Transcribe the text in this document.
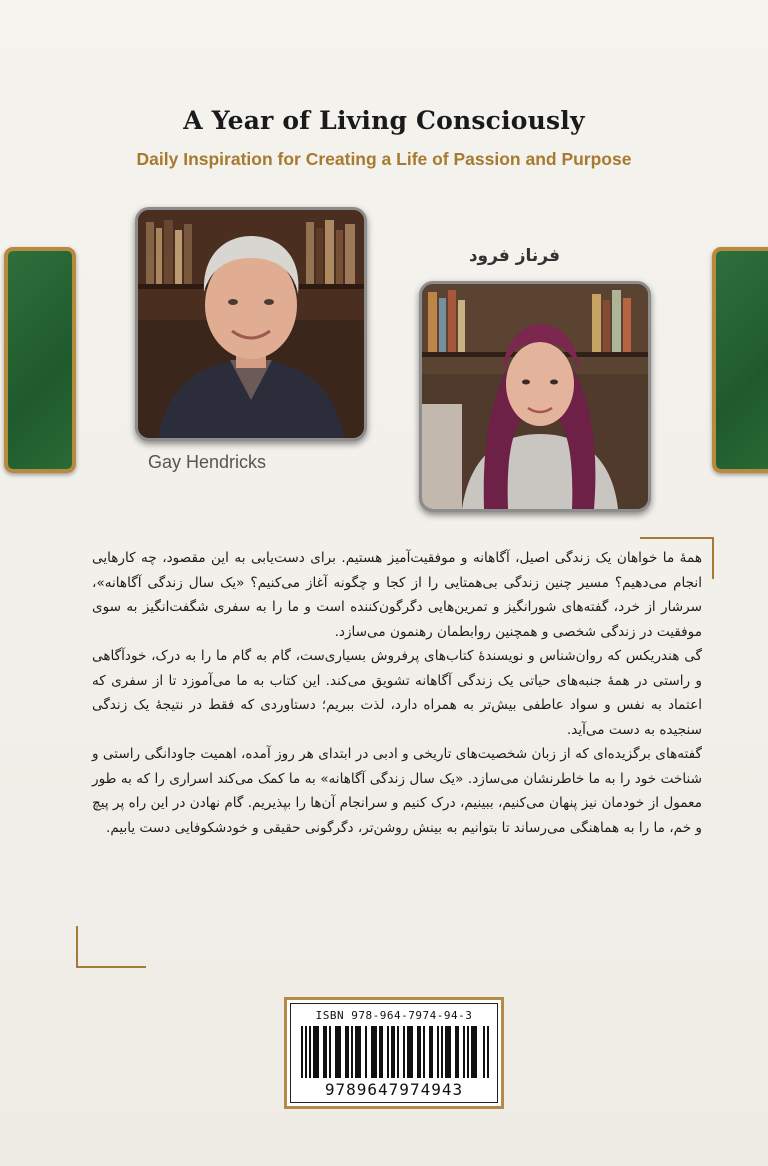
A Year of Living Consciously
Daily Inspiration for Creating a Life of Passion and Purpose
Gay Hendricks
فرناز فرود

همهٔ ما خواهان یک زندگی اصیل، آگاهانه و موفقیت‌آمیز هستیم. برای دست‌یابی به این مقصود، چه کارهایی انجام می‌دهیم؟ مسیر چنین زندگی بی‌همتایی را از کجا و چگونه آغاز می‌کنیم؟ «یک سال زندگی آگاهانه»، سرشار از خرد، گفته‌های شورانگیز و تمرین‌هایی دگرگون‌کننده است و ما را به سفری شگفت‌انگیز به سوی موفقیت در زندگی شخصی و همچنین روابطمان رهنمون می‌سازد.

گی هندریکس که روان‌شناس و نویسندهٔ کتاب‌های پرفروش بسیاری‌ست، گام به گام ما را به درک، خودآگاهی و راستی در همهٔ جنبه‌های حیاتی یک زندگی آگاهانه تشویق می‌کند. این کتاب به ما می‌آموزد تا از سفری که اعتماد به نفس و سواد عاطفی بیش‌تر به همراه دارد، لذت ببریم؛ دستاوردی که فقط در نتیجهٔ یک زندگی سنجیده به دست می‌آید.

گفته‌های برگزیده‌ای که از زبان شخصیت‌های تاریخی و ادبی در ابتدای هر روز آمده، اهمیت جاودانگی راستی و شناخت خود را به ما خاطرنشان می‌سازد. «یک سال زندگی آگاهانه» به ما کمک می‌کند اسراری را که به طور معمول از خودمان نیز پنهان می‌کنیم، ببینیم، درک کنیم و سرانجام آن‌ها را بپذیریم. گام نهادن در این راه پر پیچ و خم، ما را به هماهنگی می‌رساند تا بتوانیم به بینش روشن‌تر، دگرگونی حقیقی و خودشکوفایی دست یابیم.

ISBN 978-964-7974-94-3
9789647974943
